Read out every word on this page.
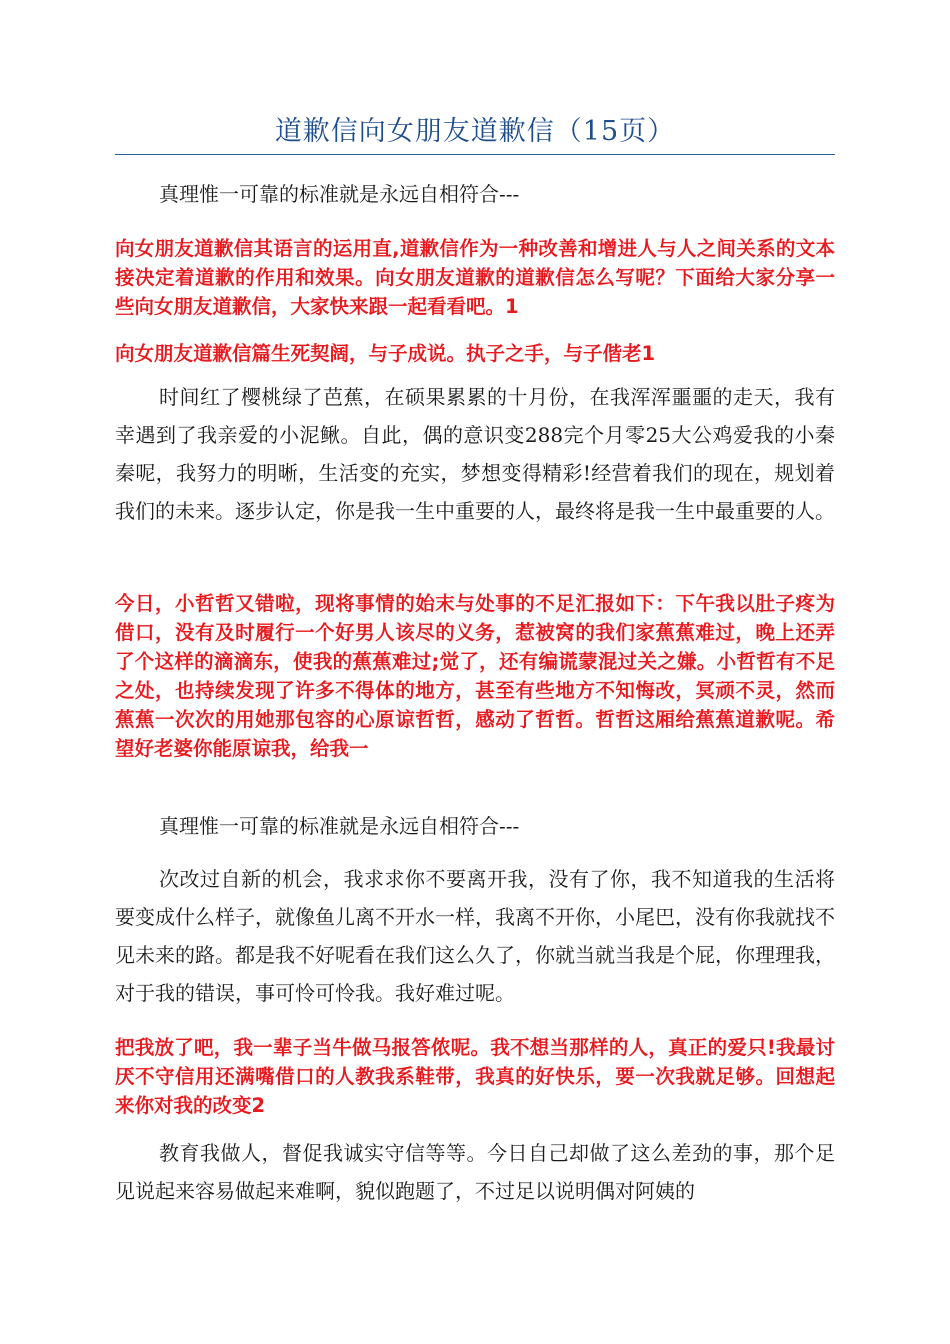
道歉信向女朋友道歉信（15页）

真理惟一可靠的标准就是永远自相符合---

向女朋友道歉信其语言的运用直,道歉信作为一种改善和增进人与人之间关系的文本接决定着道歉的作用和效果。向女朋友道歉的道歉信怎么写呢？下面给大家分享一些向女朋友道歉信，大家快来跟一起看看吧。1

向女朋友道歉信篇生死契阔，与子成说。执子之手，与子偕老1

时间红了樱桃绿了芭蕉，在硕果累累的十月份，在我浑浑噩噩的走天，我有幸遇到了我亲爱的小泥鳅。自此，偶的意识变288完个月零25大公鸡爱我的小秦秦呢，我努力的明晰，生活变的充实，梦想变得精彩!经营着我们的现在，规划着我们的未来。逐步认定，你是我一生中重要的人，最终将是我一生中最重要的人。

今日，小哲哲又错啦，现将事情的始末与处事的不足汇报如下：下午我以肚子疼为借口，没有及时履行一个好男人该尽的义务，惹被窝的我们家蕉蕉难过，晚上还弄了个这样的滴滴东，使我的蕉蕉难过;觉了，还有编谎蒙混过关之嫌。小哲哲有不足之处，也持续发现了许多不得体的地方，甚至有些地方不知悔改，冥顽不灵，然而蕉蕉一次次的用她那包容的心原谅哲哲，感动了哲哲。哲哲这厢给蕉蕉道歉呢。希望好老婆你能原谅我，给我一

真理惟一可靠的标准就是永远自相符合---

次改过自新的机会，我求求你不要离开我，没有了你，我不知道我的生活将要变成什么样子，就像鱼儿离不开水一样，我离不开你，小尾巴，没有你我就找不见未来的路。都是我不好呢看在我们这么久了，你就当就当我是个屁，你理理我，对于我的错误，事可怜可怜我。我好难过呢。

把我放了吧，我一辈子当牛做马报答侬呢。我不想当那样的人，真正的爱只!我最讨厌不守信用还满嘴借口的人教我系鞋带，我真的好快乐，要一次我就足够。回想起来你对我的改变2

教育我做人，督促我诚实守信等等。今日自己却做了这么差劲的事，那个足见说起来容易做起来难啊，貌似跑题了，不过足以说明偶对阿姨的
